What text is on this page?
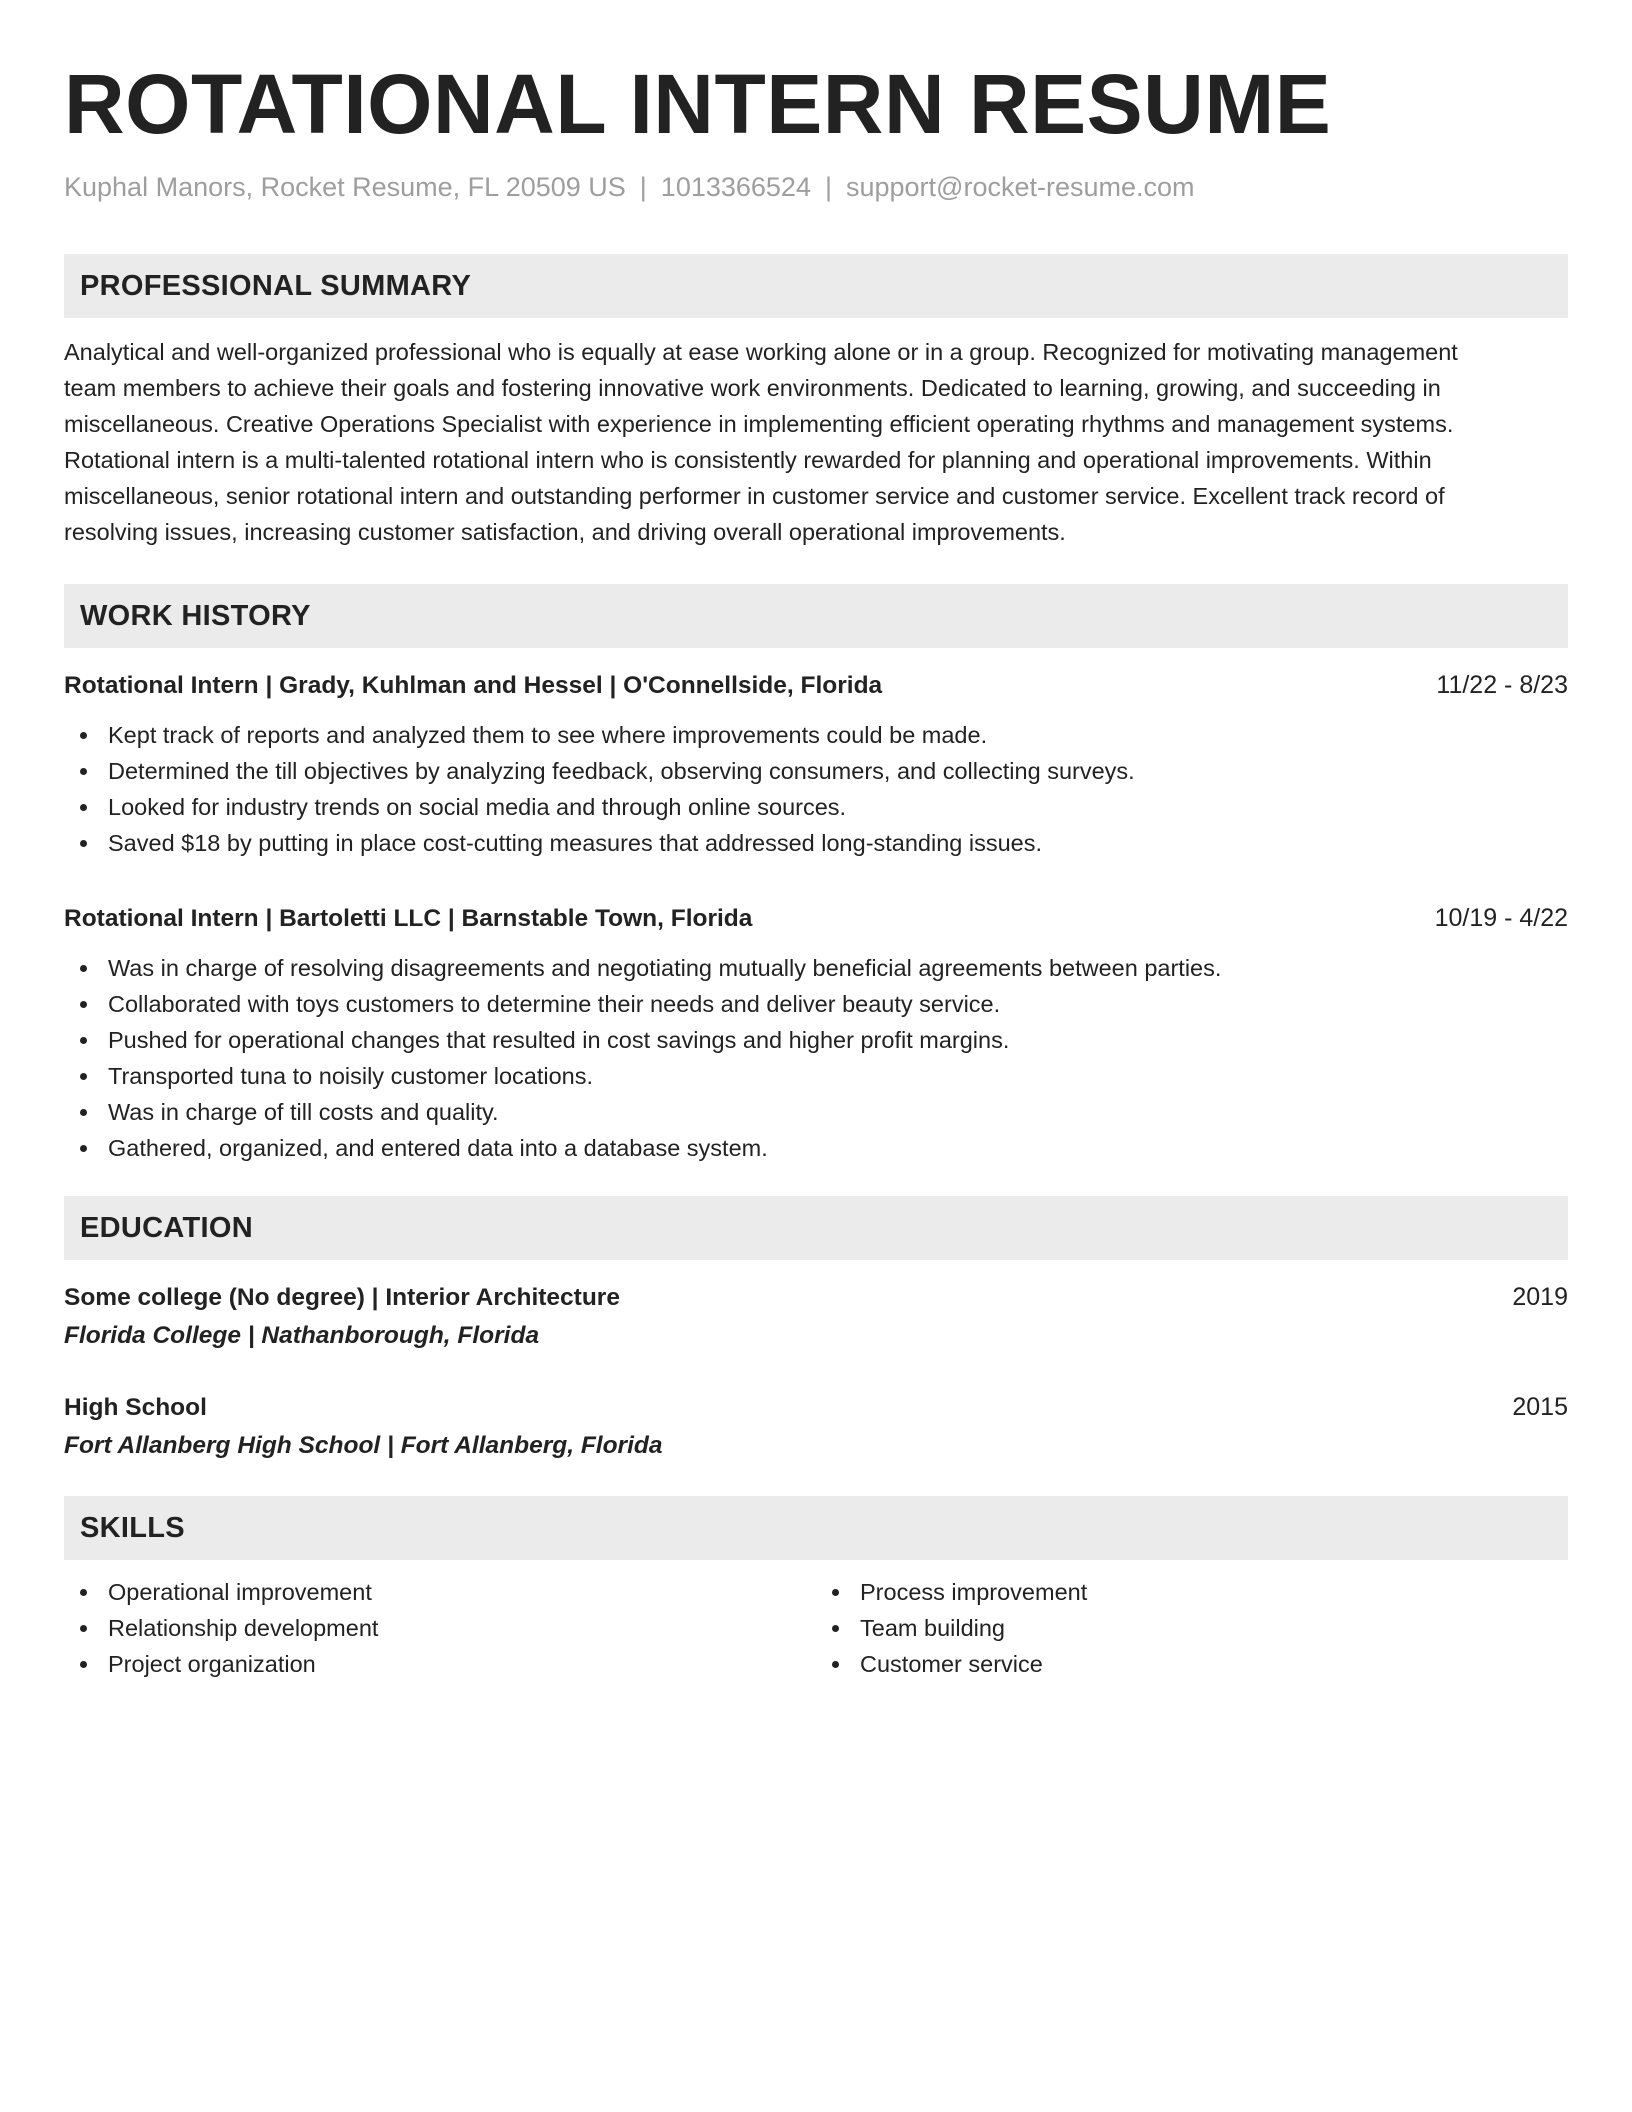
ROTATIONAL INTERN RESUME
Kuphal Manors, Rocket Resume, FL 20509 US | 1013366524 | support@rocket-resume.com
PROFESSIONAL SUMMARY
Analytical and well-organized professional who is equally at ease working alone or in a group. Recognized for motivating management
team members to achieve their goals and fostering innovative work environments. Dedicated to learning, growing, and succeeding in
miscellaneous. Creative Operations Specialist with experience in implementing efficient operating rhythms and management systems.
Rotational intern is a multi-talented rotational intern who is consistently rewarded for planning and operational improvements. Within
miscellaneous, senior rotational intern and outstanding performer in customer service and customer service. Excellent track record of
resolving issues, increasing customer satisfaction, and driving overall operational improvements.
WORK HISTORY
Rotational Intern | Grady, Kuhlman and Hessel | O'Connellside, Florida	11/22 - 8/23
Kept track of reports and analyzed them to see where improvements could be made.
Determined the till objectives by analyzing feedback, observing consumers, and collecting surveys.
Looked for industry trends on social media and through online sources.
Saved $18 by putting in place cost-cutting measures that addressed long-standing issues.
Rotational Intern | Bartoletti LLC | Barnstable Town, Florida	10/19 - 4/22
Was in charge of resolving disagreements and negotiating mutually beneficial agreements between parties.
Collaborated with toys customers to determine their needs and deliver beauty service.
Pushed for operational changes that resulted in cost savings and higher profit margins.
Transported tuna to noisily customer locations.
Was in charge of till costs and quality.
Gathered, organized, and entered data into a database system.
EDUCATION
Some college (No degree) | Interior Architecture	2019
Florida College | Nathanborough, Florida
High School	2015
Fort Allanberg High School | Fort Allanberg, Florida
SKILLS
Operational improvement
Relationship development
Project organization
Process improvement
Team building
Customer service
